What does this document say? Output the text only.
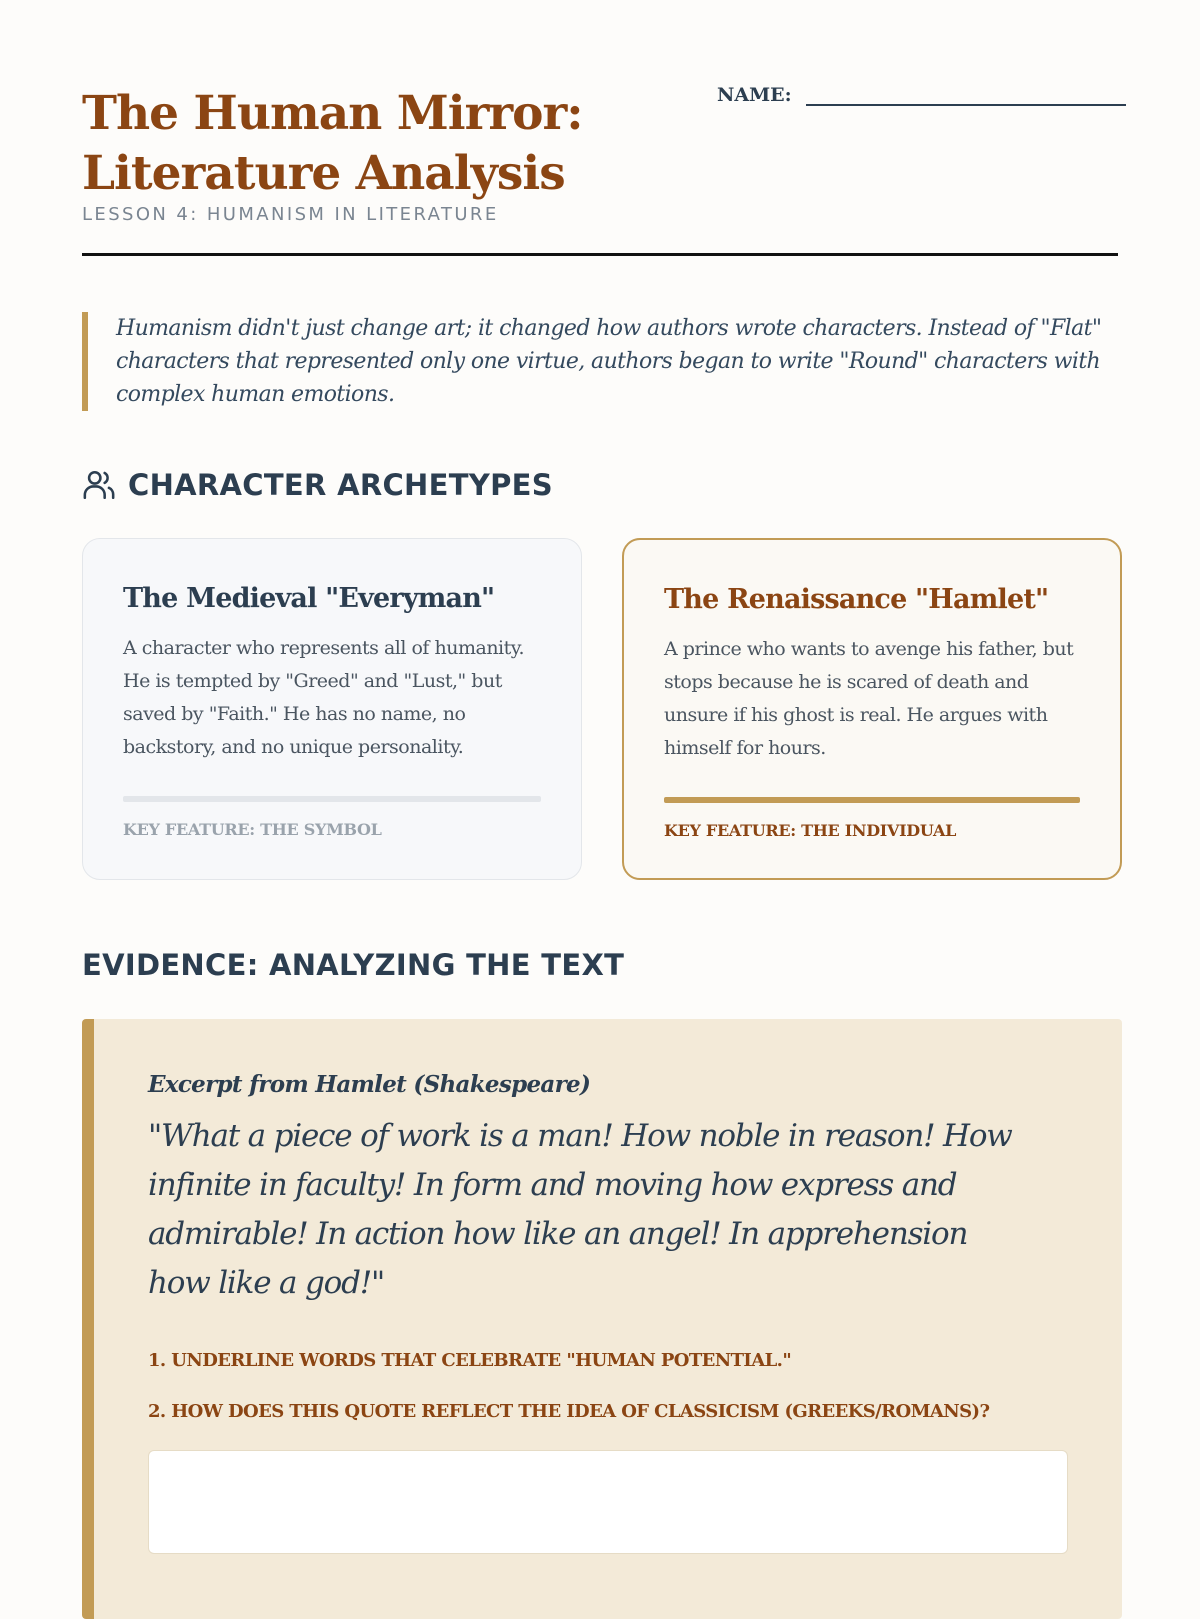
The Human Mirror: Literature Analysis
LESSON 4: HUMANISM IN LITERATURE
NAME:
Humanism didn't just change art; it changed how authors wrote characters. Instead of "Flat" characters that represented only one virtue, authors began to write "Round" characters with complex human emotions.
CHARACTER ARCHETYPES
The Medieval "Everyman"
A character who represents all of humanity. He is tempted by "Greed" and "Lust," but saved by "Faith." He has no name, no backstory, and no unique personality.
KEY FEATURE: THE SYMBOL
The Renaissance "Hamlet"
A prince who wants to avenge his father, but stops because he is scared of death and unsure if his ghost is real. He argues with himself for hours.
KEY FEATURE: THE INDIVIDUAL
EVIDENCE: ANALYZING THE TEXT
Excerpt from Hamlet (Shakespeare)
"What a piece of work is a man! How noble in reason! How infinite in faculty! In form and moving how express and admirable! In action how like an angel! In apprehension how like a god!"
1. UNDERLINE WORDS THAT CELEBRATE "HUMAN POTENTIAL."
2. HOW DOES THIS QUOTE REFLECT THE IDEA OF CLASSICISM (GREEKS/ROMANS)?
